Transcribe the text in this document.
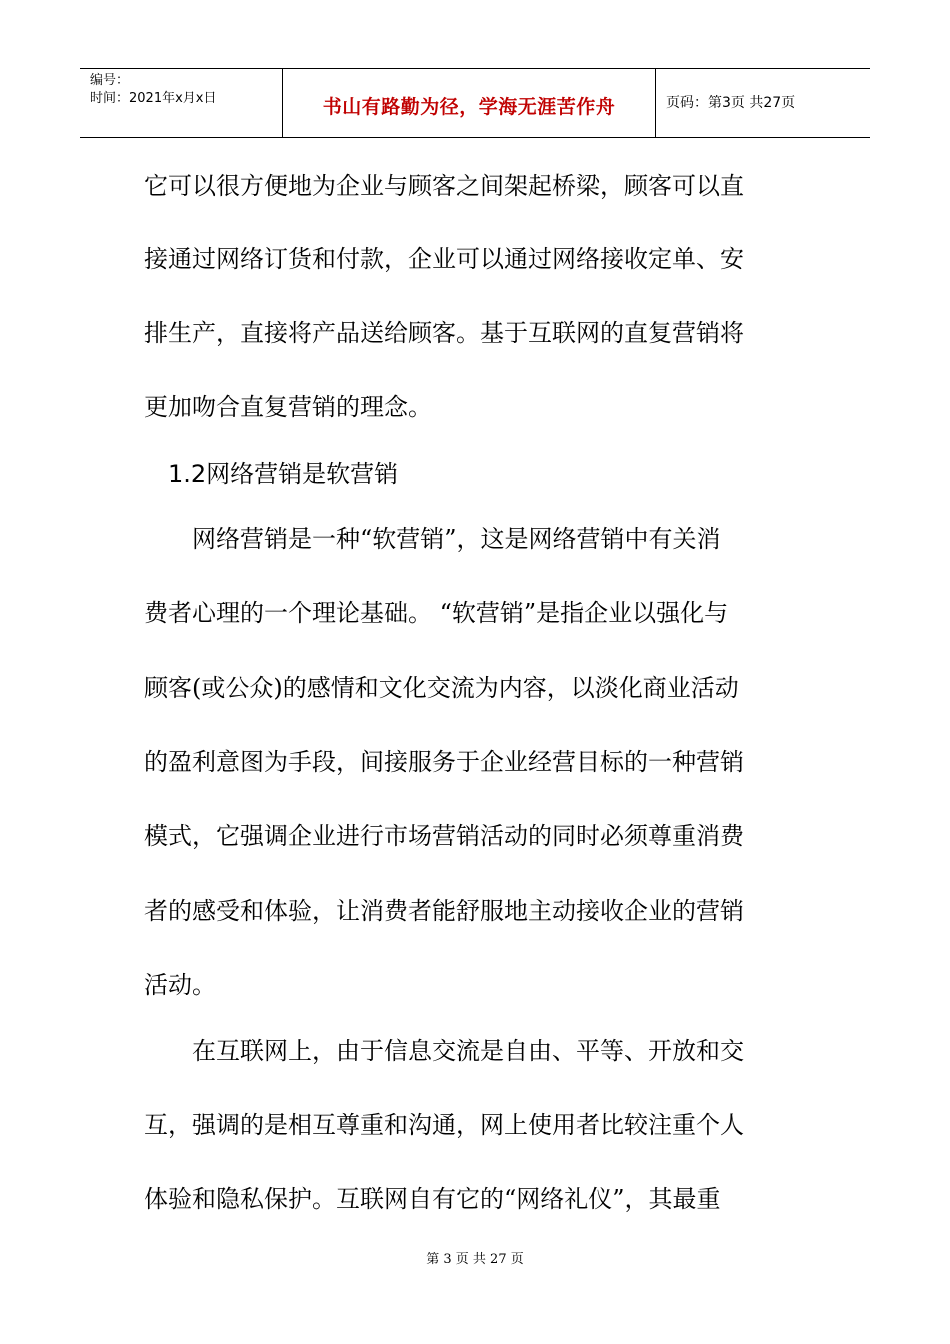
编号：
时间：2021年x月x日	书山有路勤为径，学海无涯苦作舟	页码：第3页 共27页
它可以很方便地为企业与顾客之间架起桥梁，顾客可以直
接通过网络订货和付款，企业可以通过网络接收定单、安
排生产，直接将产品送给顾客。基于互联网的直复营销将
更加吻合直复营销的理念。
　1.2网络营销是软营销
　　网络营销是一种“软营销”，这是网络营销中有关消
费者心理的一个理论基础。 “软营销”是指企业以强化与
顾客(或公众)的感情和文化交流为内容，以淡化商业活动
的盈利意图为手段，间接服务于企业经营目标的一种营销
模式，它强调企业进行市场营销活动的同时必须尊重消费
者的感受和体验，让消费者能舒服地主动接收企业的营销
活动。
　　在互联网上，由于信息交流是自由、平等、开放和交
互，强调的是相互尊重和沟通，网上使用者比较注重个人
体验和隐私保护。互联网自有它的“网络礼仪”，其最重
第 3 页 共 27 页
